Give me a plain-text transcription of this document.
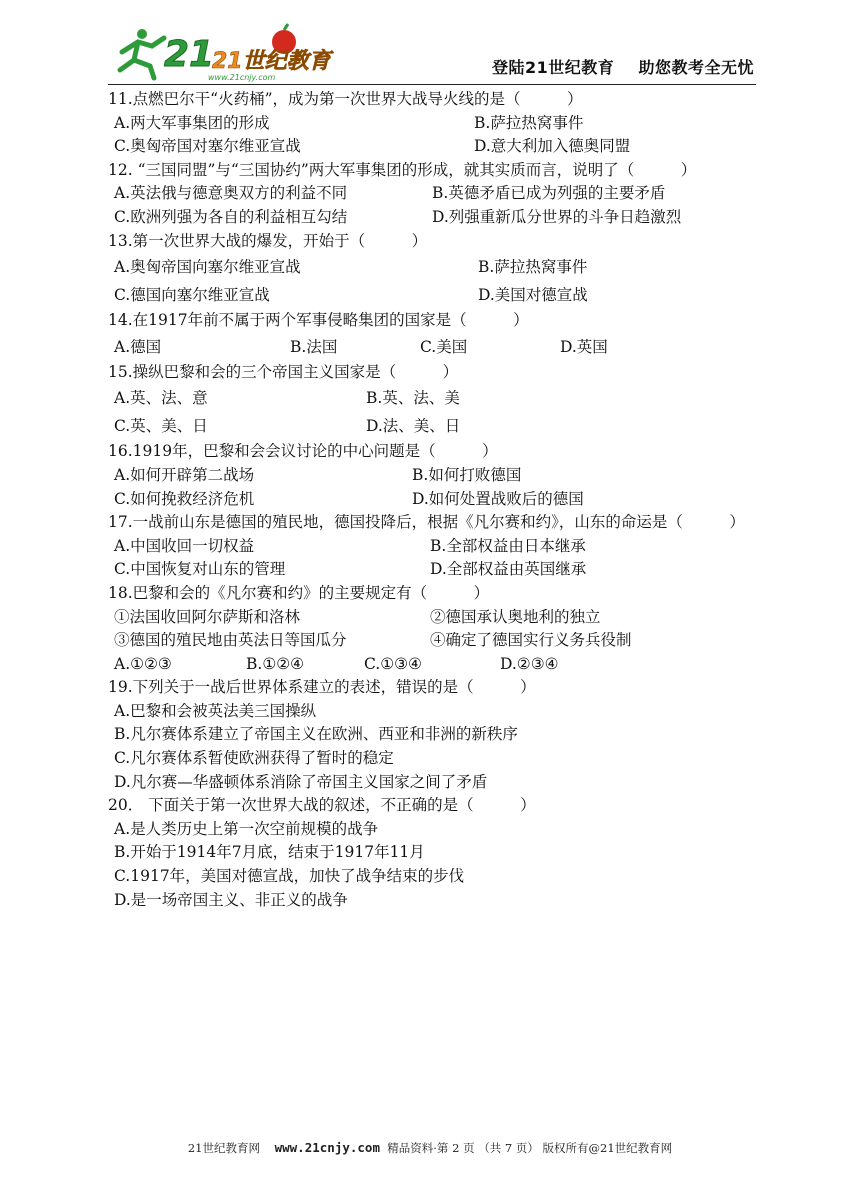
21
21世纪教育
www.21cnjy.com
登陆21世纪教育    助您教考全无忧

11.点燃巴尔干“火药桶”，成为第一次世界大战导火线的是（　　　）

A.两大军事集团的形成	B.萨拉热窝事件
C.奥匈帝国对塞尔维亚宣战	D.意大利加入德奥同盟

12. “三国同盟”与“三国协约”两大军事集团的形成，就其实质而言，说明了（　　　）

A.英法俄与德意奥双方的利益不同	B.英德矛盾已成为列强的主要矛盾
C.欧洲列强为各自的利益相互勾结	D.列强重新瓜分世界的斗争日趋激烈

13.第一次世界大战的爆发，开始于（　　　）

A.奥匈帝国向塞尔维亚宣战	B.萨拉热窝事件
C.德国向塞尔维亚宣战	D.美国对德宣战

14.在1917年前不属于两个军事侵略集团的国家是（　　　）

A.德国	B.法国	C.美国	D.英国

15.操纵巴黎和会的三个帝国主义国家是（　　　）

A.英、法、意	B.英、法、美
C.英、美、日	D.法、美、日

16.1919年，巴黎和会会议讨论的中心问题是（　　　）

A.如何开辟第二战场	B.如何打败德国
C.如何挽救经济危机	D.如何处置战败后的德国

17.一战前山东是德国的殖民地，德国投降后，根据《凡尔赛和约》，山东的命运是（　　　）

A.中国收回一切权益	B.全部权益由日本继承
C.中国恢复对山东的管理	D.全部权益由英国继承

18.巴黎和会的《凡尔赛和约》的主要规定有（　　　）

①法国收回阿尔萨斯和洛林	②德国承认奥地利的独立
③德国的殖民地由英法日等国瓜分	④确定了德国实行义务兵役制
A.①②③	B.①②④	C.①③④	D.②③④

19.下列关于一战后世界体系建立的表述，错误的是（　　　）

A.巴黎和会被英法美三国操纵
B.凡尔赛体系建立了帝国主义在欧洲、西亚和非洲的新秩序
C.凡尔赛体系暂使欧洲获得了暂时的稳定
D.凡尔赛—华盛顿体系消除了帝国主义国家之间了矛盾

20． 下面关于第一次世界大战的叙述，不正确的是（　　　）

A.是人类历史上第一次空前规模的战争
B.开始于1914年7月底，结束于1917年11月
C.1917年，美国对德宣战，加快了战争结束的步伐
D.是一场帝国主义、非正义的战争
21世纪教育网 www.21cnjy.com 精品资料·第 2 页 （共 7 页） 版权所有@21世纪教育网
